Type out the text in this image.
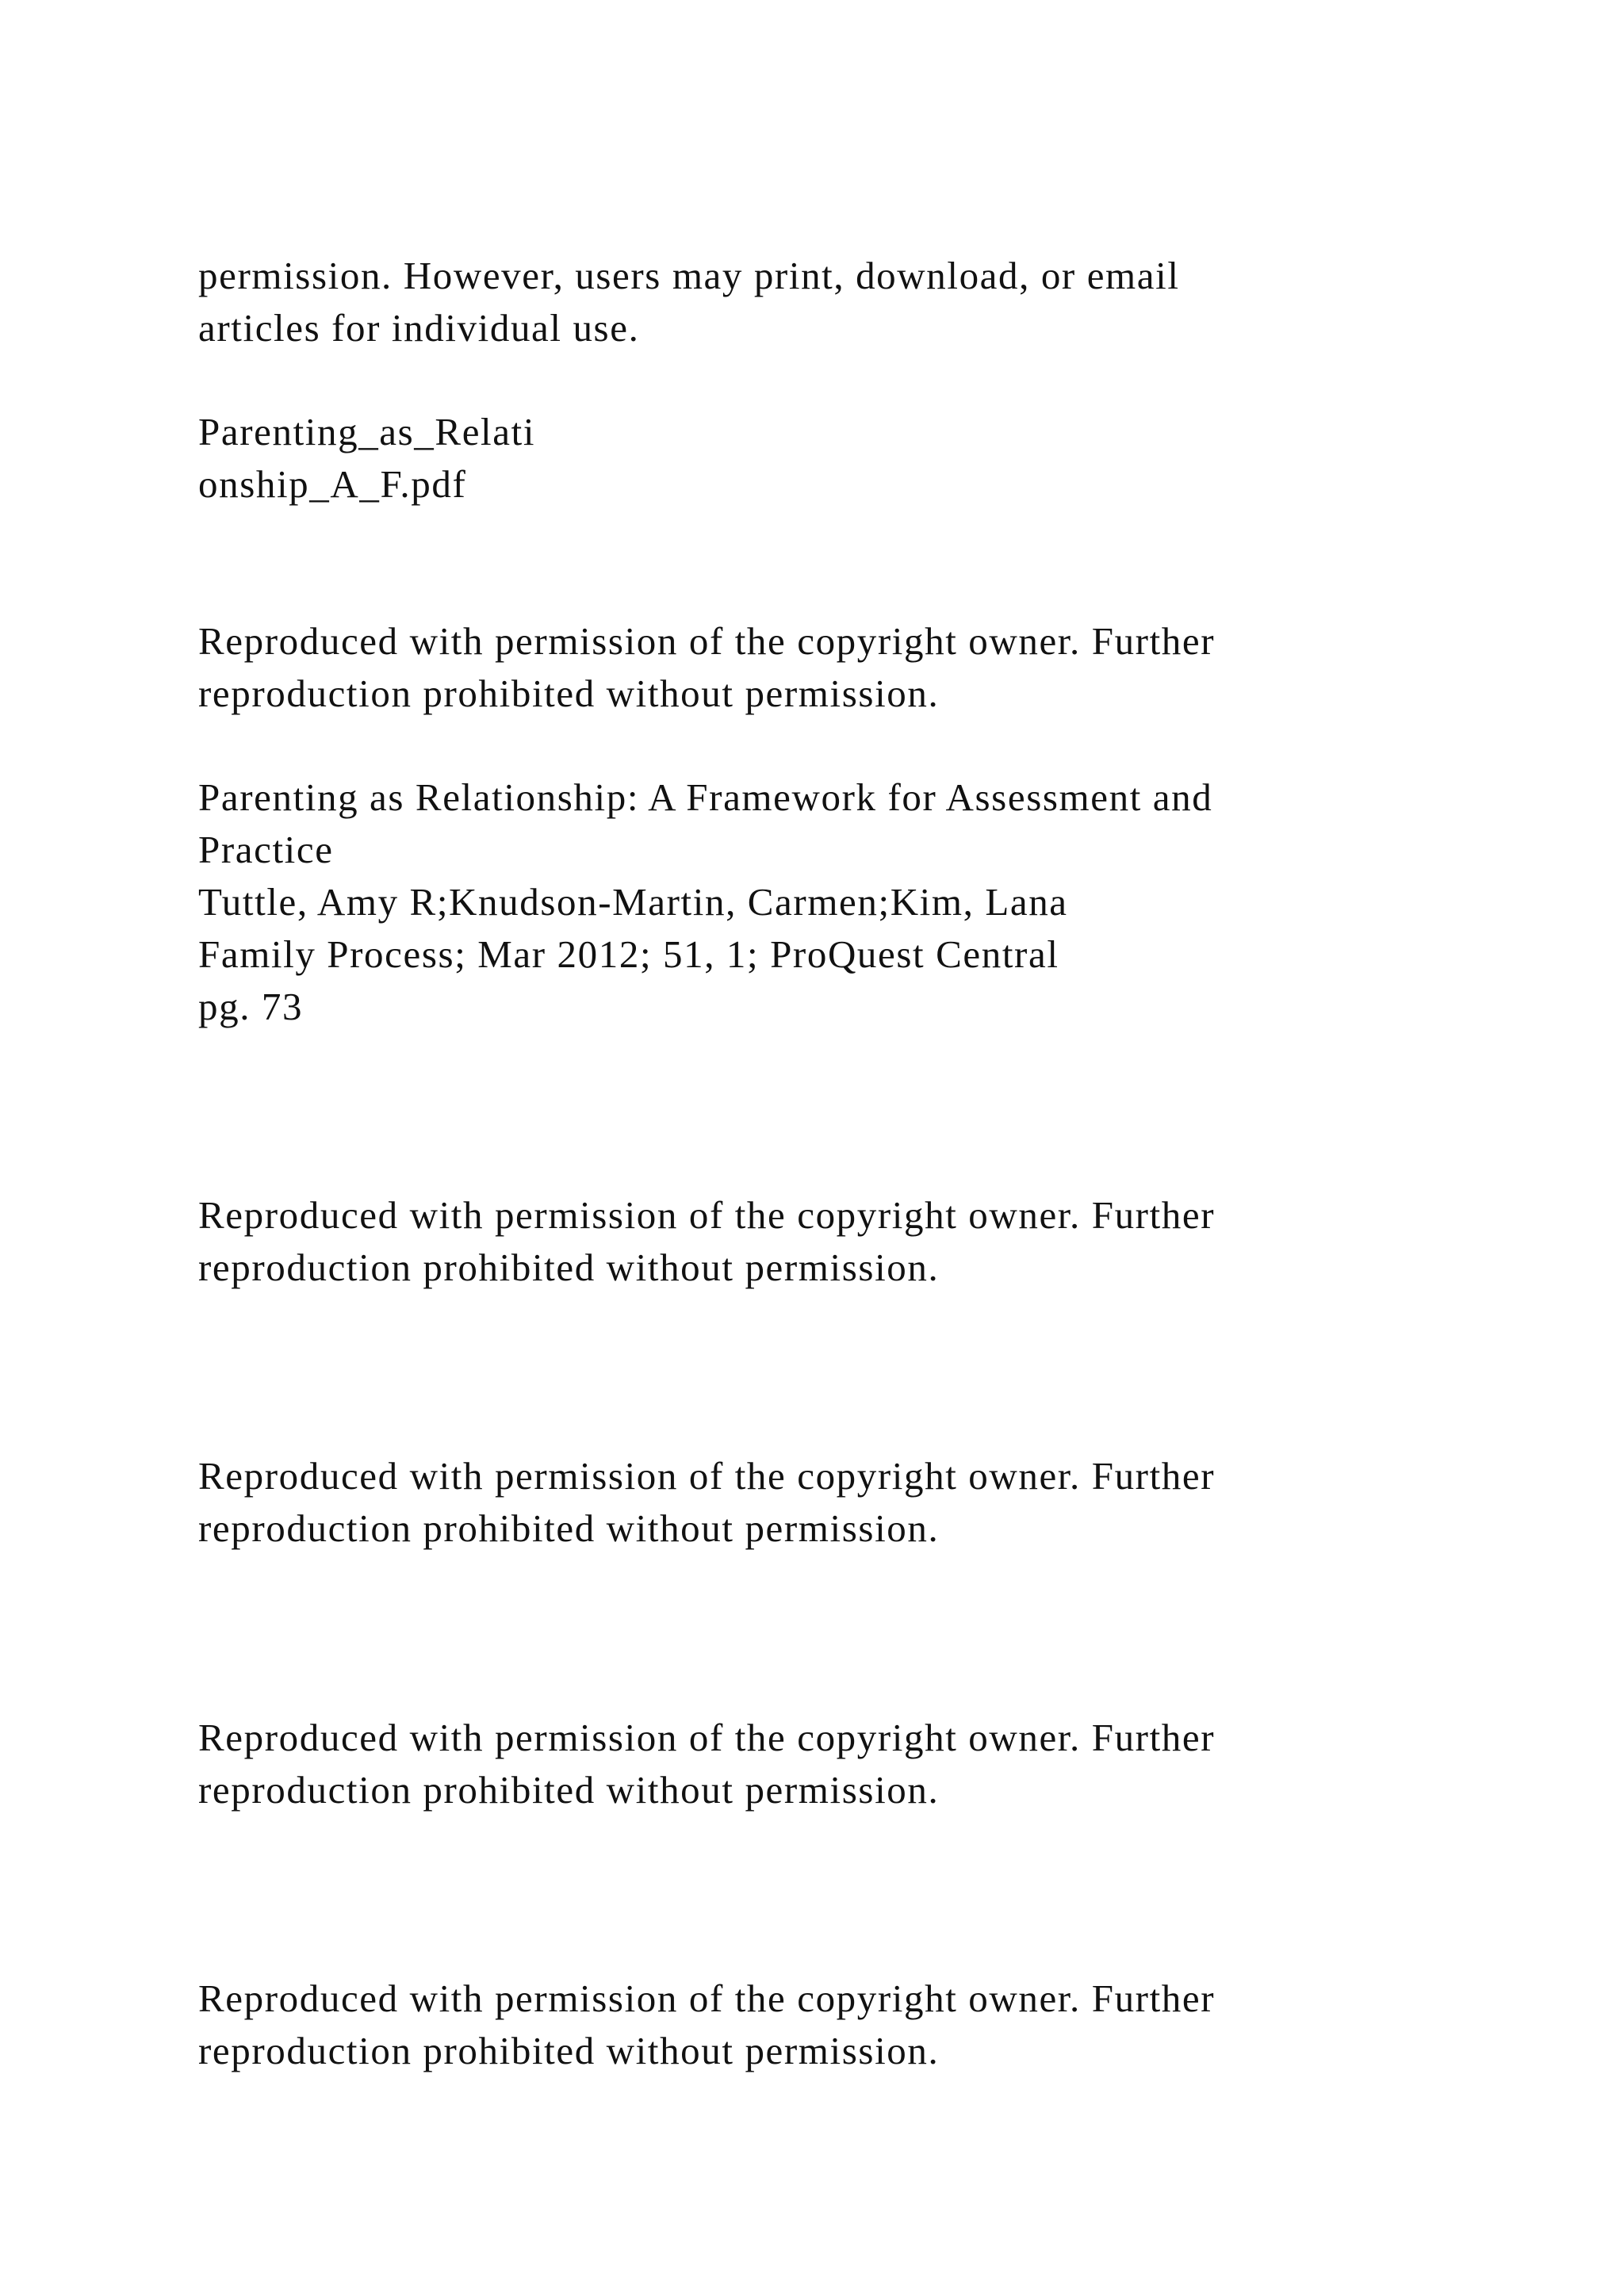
permission. However, users may print, download, or email

articles for individual use.

Parenting_as_Relati

onship_A_F.pdf

Reproduced with permission of the copyright owner. Further

reproduction prohibited without permission.

Parenting as Relationship: A Framework for Assessment and

Practice

Tuttle, Amy R;Knudson-Martin, Carmen;Kim, Lana

Family Process; Mar 2012; 51, 1; ProQuest Central

pg. 73

Reproduced with permission of the copyright owner. Further

reproduction prohibited without permission.

Reproduced with permission of the copyright owner. Further

reproduction prohibited without permission.

Reproduced with permission of the copyright owner. Further

reproduction prohibited without permission.

Reproduced with permission of the copyright owner. Further

reproduction prohibited without permission.
